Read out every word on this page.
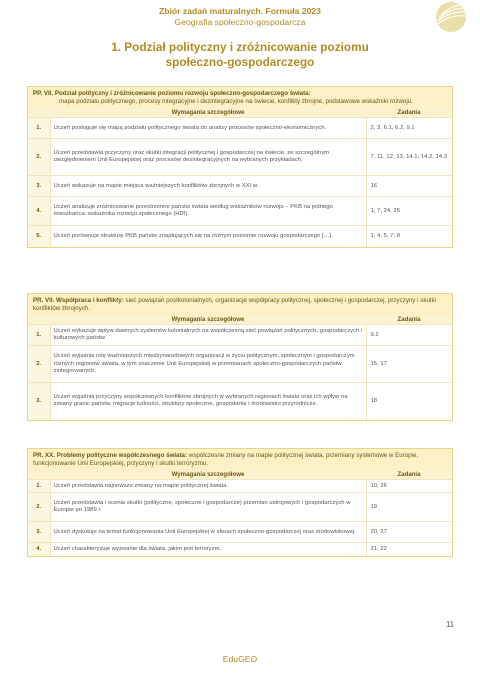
Zbiór zadań maturalnych. Formuła 2023
Geografia społeczno-gospodarcza
1. Podział polityczny i zróżnicowanie poziomu
społeczno-gospodarczego
PP. VII. Podział polityczny i zróżnicowanie poziomu rozwoju społeczno-gospodarczego świata:
mapa podziału politycznego, procesy integracyjne i dezintegracyjne na świecie, konflikty zbrojne, podstawowe wskaźniki rozwoju.
	Wymagania szczegółowe	Zadania
1.	Uczeń posługuje się mapą podziału politycznego świata do analizy procesów społeczno-ekonomicznych.	2, 3, 6.1, 6.2, 9.1
2.	Uczeń przedstawia przyczyny oraz skutki integracji politycznej i gospodarczej na świecie, ze szczególnym uwzględnieniem Unii Europejskiej oraz procesów dezintegracyjnych na wybranych przykładach.	7, 11, 12, 13, 14.1, 14.2, 14.3
3.	Uczeń wskazuje na mapie miejsca ważniejszych konfliktów zbrojnych w XXI w.	16
4.	Uczeń analizuje zróżnicowanie przestrzenne państw świata według wskaźników rozwoju – PKB na jednego mieszkańca, wskaźnika rozwoju społecznego (HDI).	1, 7, 24, 25
5.	Uczeń porównuje strukturę PKB państw znajdujących się na różnym poziomie rozwoju gospodarczego […].	1, 4, 5, 7, 8
PR. VII. Współpraca i konflikty: sieć powiązań postkolonialnych, organizacje współpracy politycznej, społecznej i gospodarczej, przyczyny i skutki konfliktów zbrojnych.
	Wymagania szczegółowe	Zadania
1.	Uczeń wykazuje wpływ dawnych systemów kolonialnych na współczesną sieć powiązań politycznych, gospodarczych i kulturowych państw.	9.2
2.	Uczeń wyjaśnia rolę ważniejszych międzynarodowych organizacji w życiu politycznym, społecznym i gospodarczym różnych regionów świata, w tym znaczenie Unii Europejskiej w przemianach społeczno-gospodarczych państw zintegrowanych.	15, 17
3.	Uczeń wyjaśnia przyczyny współczesnych konfliktów zbrojnych w wybranych regionach świata oraz ich wpływ na zmiany granic państw, migracje ludności, struktury społeczne, gospodarkę i środowisko przyrodnicze.	18
PR. XX. Problemy polityczne współczesnego świata: współczesne zmiany na mapie politycznej świata, przemiany systemowe w Europie, funkcjonowanie Unii Europejskiej, przyczyny i skutki terroryzmu.
	Wymagania szczegółowe	Zadania
1.	Uczeń przedstawia najnowsze zmiany na mapie politycznej świata.	10, 26
2.	Uczeń przedstawia i ocenia skutki (polityczne, społeczne i gospodarcze) przemian ustrojowych i gospodarczych w Europie po 1989 r.	19
3.	Uczeń dyskutuje na temat funkcjonowania Unii Europejskiej w sferach społeczno-gospodarczej oraz środowiskowej.	20, 27
4.	Uczeń charakteryzuje wyzwanie dla świata, jakim jest terroryzm.	21, 22
11
EduGEO
